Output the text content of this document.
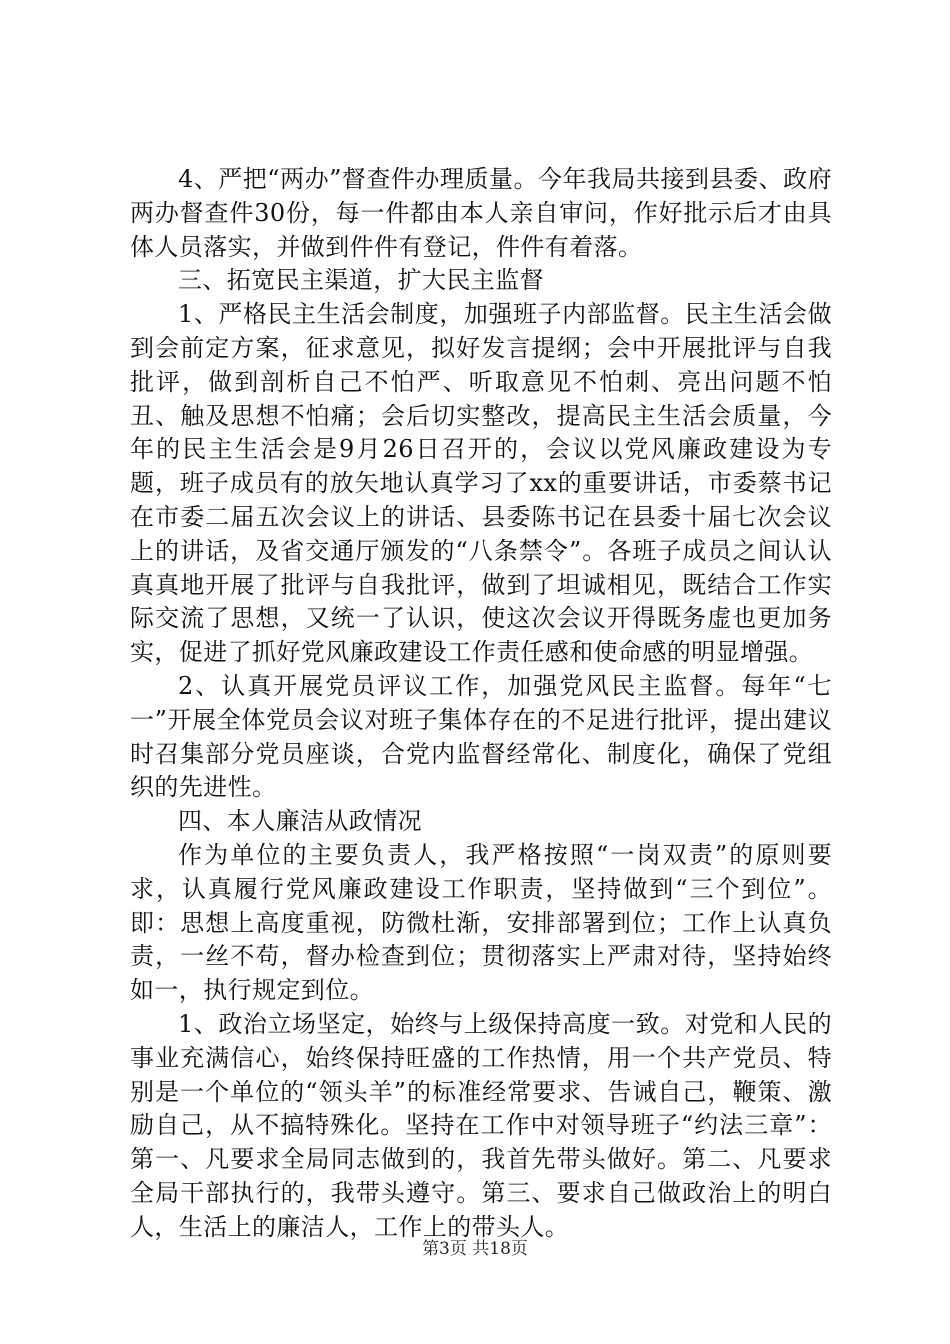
4、严把“两办”督查件办理质量。今年我局共接到县委、政府两办督查件30份，每一件都由本人亲自审问，作好批示后才由具体人员落实，并做到件件有登记，件件有着落。

三、拓宽民主渠道，扩大民主监督

1、严格民主生活会制度，加强班子内部监督。民主生活会做到会前定方案，征求意见，拟好发言提纲；会中开展批评与自我批评，做到剖析自己不怕严、听取意见不怕刺、亮出问题不怕丑、触及思想不怕痛；会后切实整改，提高民主生活会质量，今年的民主生活会是9月26日召开的，会议以党风廉政建设为专题，班子成员有的放矢地认真学习了xx的重要讲话，市委蔡书记在市委二届五次会议上的讲话、县委陈书记在县委十届七次会议上的讲话，及省交通厅颁发的“八条禁令”。各班子成员之间认认真真地开展了批评与自我批评，做到了坦诚相见，既结合工作实际交流了思想，又统一了认识，使这次会议开得既务虚也更加务实，促进了抓好党风廉政建设工作责任感和使命感的明显增强。

2、认真开展党员评议工作，加强党风民主监督。每年“七一”开展全体党员会议对班子集体存在的不足进行批评，提出建议时召集部分党员座谈，合党内监督经常化、制度化，确保了党组织的先进性。

四、本人廉洁从政情况

作为单位的主要负责人，我严格按照“一岗双责”的原则要求，认真履行党风廉政建设工作职责，坚持做到“三个到位”。即：思想上高度重视，防微杜渐，安排部署到位；工作上认真负责，一丝不苟，督办检查到位；贯彻落实上严肃对待，坚持始终如一，执行规定到位。

1、政治立场坚定，始终与上级保持高度一致。对党和人民的事业充满信心，始终保持旺盛的工作热情，用一个共产党员、特别是一个单位的“领头羊”的标准经常要求、告诫自己，鞭策、激励自己，从不搞特殊化。坚持在工作中对领导班子“约法三章”：第一、凡要求全局同志做到的，我首先带头做好。第二、凡要求全局干部执行的，我带头遵守。第三、要求自己做政治上的明白人，生活上的廉洁人，工作上的带头人。

第3页 共18页
